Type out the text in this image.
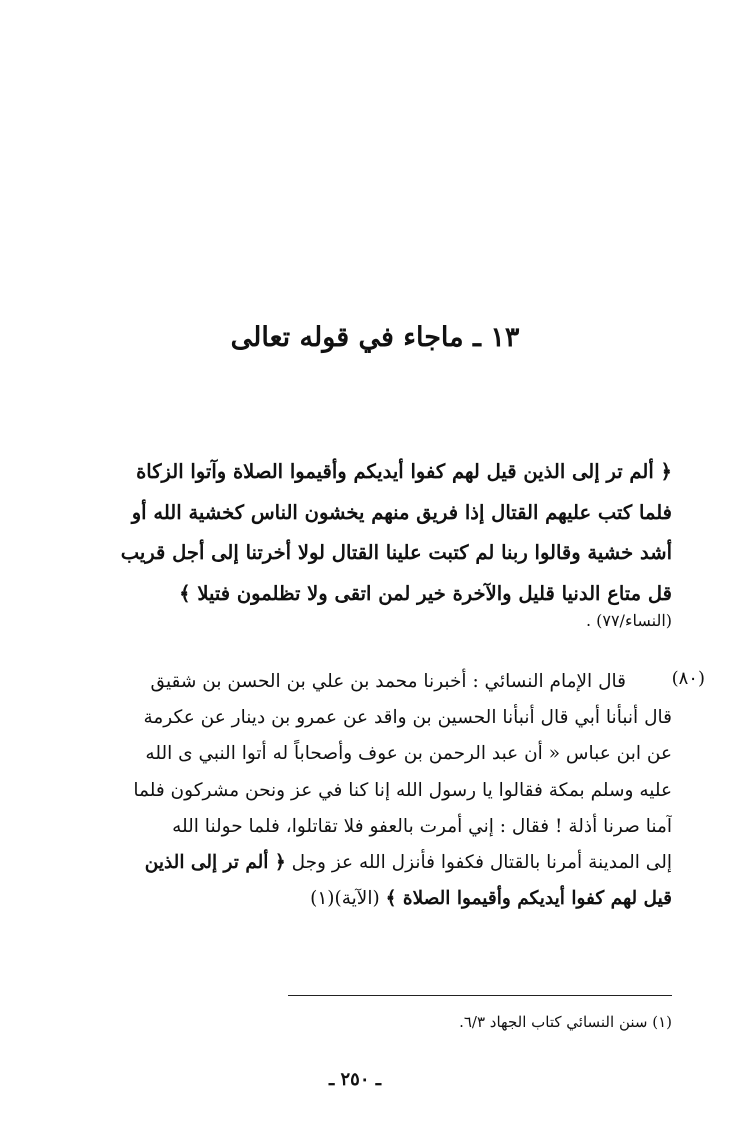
١٣ ـ ماجاء في قوله تعالى
﴿ ألم تر إلى الذين قيل لهم كفوا أيديكم وأقيموا الصلاة وآتوا الزكاة
فلما كتب عليهم القتال إذا فريق منهم يخشون الناس كخشية الله أو
أشد خشية وقالوا ربنا لم كتبت علينا القتال لولا أخرتنا إلى أجل قريب
قل متاع الدنيا قليل والآخرة خير لمن اتقى ولا تظلمون فتيلا ﴾
(النساء/٧٧) .
(٨٠)
قال الإمام النسائي : أخبرنا محمد بن علي بن الحسن بن شقيق
قال أنبأنا أبي قال أنبأنا الحسين بن واقد عن عمرو بن دينار عن عكرمة
عن ابن عباس « أن عبد الرحمن بن عوف وأصحاباً له أتوا النبي ى الله
عليه وسلم بمكة فقالوا يا رسول الله إنا كنا في عز ونحن مشركون فلما
آمنا صرنا أذلة ! فقال : إني أمرت بالعفو فلا تقاتلوا، فلما حولنا الله
إلى المدينة أمرنا بالقتال فكفوا فأنزل الله عز وجل ﴿ ألم تر إلى الذين
قيل لهم كفوا أيديكم وأقيموا الصلاة ﴾ (الآية)(١)
(١) سنن النسائي كتاب الجهاد ٦/٣.
ـ ٢٥٠ ـ
